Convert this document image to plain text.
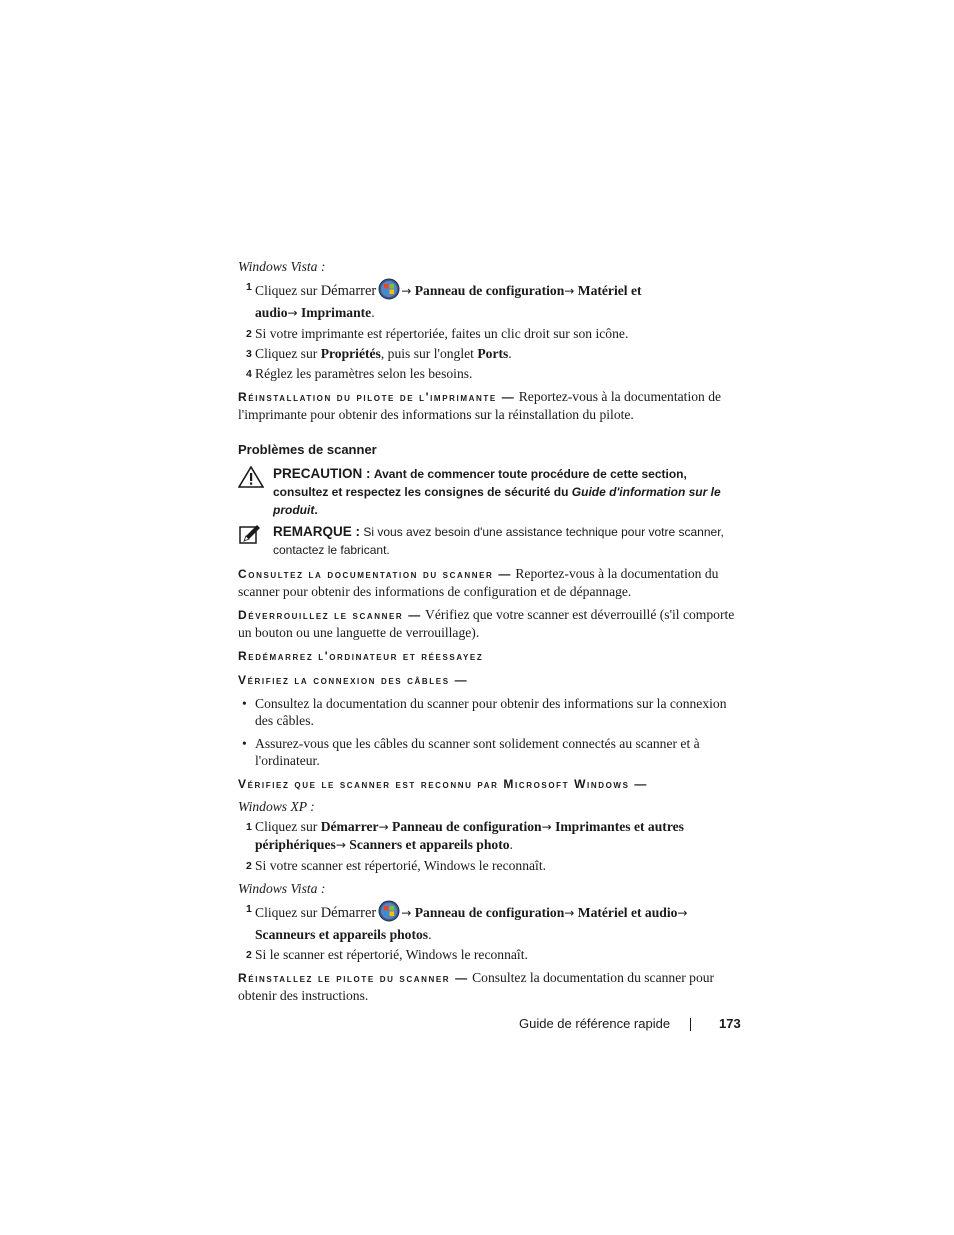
Windows Vista :
1 Cliquez sur Démarrer → Panneau de configuration→ Matériel et
audio→ Imprimante.
2 Si votre imprimante est répertoriée, faites un clic droit sur son icône.
3 Cliquez sur Propriétés, puis sur l'onglet Ports.
4 Réglez les paramètres selon les besoins.
Réinstallation du pilote de l'imprimante — Reportez-vous à la documentation de l'imprimante pour obtenir des informations sur la réinstallation du pilote.
Problèmes de scanner
PRECAUTION : Avant de commencer toute procédure de cette section, consultez et respectez les consignes de sécurité du Guide d'information sur le produit.
REMARQUE : Si vous avez besoin d'une assistance technique pour votre scanner, contactez le fabricant.
Consultez la documentation du scanner — Reportez-vous à la documentation du scanner pour obtenir des informations de configuration et de dépannage.
Déverrouillez le scanner — Vérifiez que votre scanner est déverrouillé (s'il comporte un bouton ou une languette de verrouillage).
Redémarrez l'ordinateur et réessayez
Vérifiez la connexion des câbles —
• Consultez la documentation du scanner pour obtenir des informations sur la connexion des câbles.
• Assurez-vous que les câbles du scanner sont solidement connectés au scanner et à l'ordinateur.
Vérifiez que le scanner est reconnu par Microsoft Windows —
Windows XP :
1 Cliquez sur Démarrer→ Panneau de configuration→ Imprimantes et autres périphériques→ Scanners et appareils photo.
2 Si votre scanner est répertorié, Windows le reconnaît.
Windows Vista :
1 Cliquez sur Démarrer → Panneau de configuration→ Matériel et audio→
Scanneurs et appareils photos.
2 Si le scanner est répertorié, Windows le reconnaît.
Réinstallez le pilote du scanner — Consultez la documentation du scanner pour obtenir des instructions.
Guide de référence rapide	173
